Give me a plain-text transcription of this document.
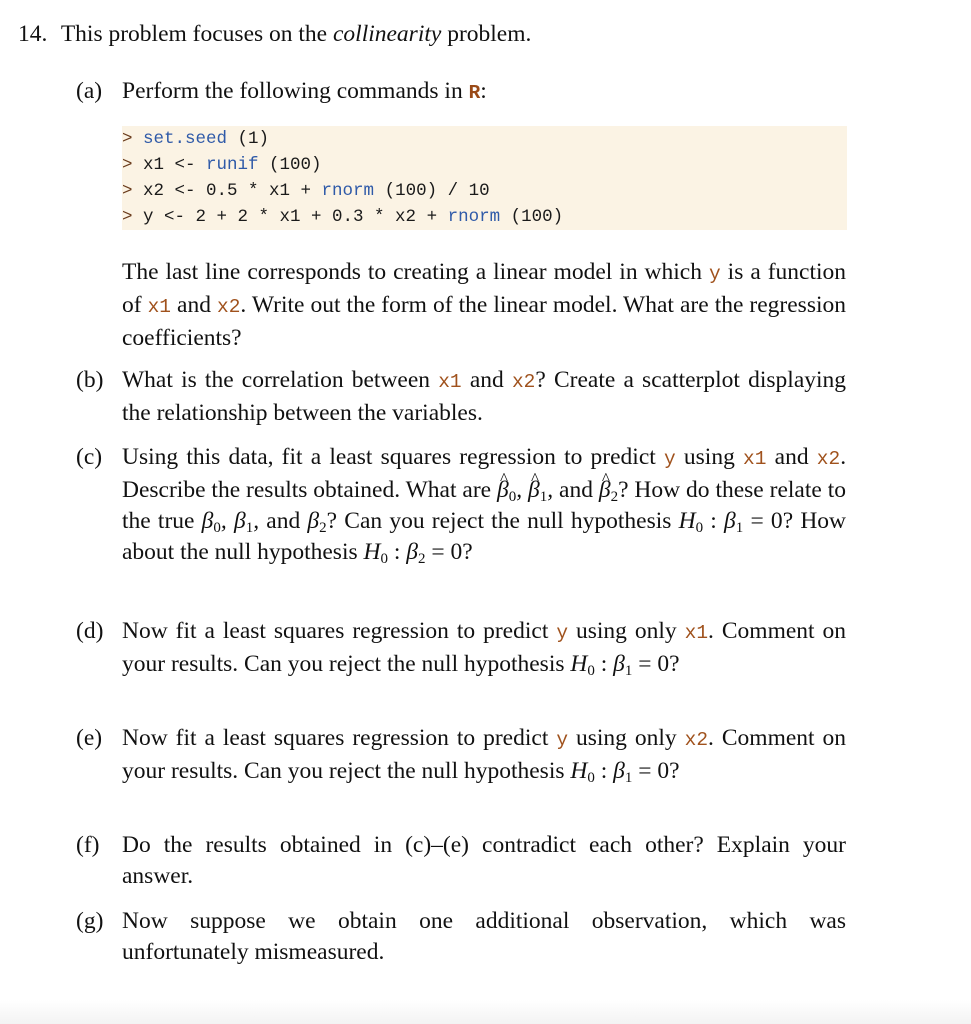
14. This problem focuses on the collinearity problem.
(a) Perform the following commands in R:
> set.seed (1)
> x1 <- runif (100)
> x2 <- 0.5 * x1 + rnorm (100) / 10
> y <- 2 + 2 * x1 + 0.3 * x2 + rnorm (100)
The last line corresponds to creating a linear model in which y is a function of x1 and x2. Write out the form of the linear model. What are the regression coefficients?
(b) What is the correlation between x1 and x2? Create a scatterplot displaying the relationship between the variables.
(c) Using this data, fit a least squares regression to predict y using x1 and x2. Describe the results obtained. What are ^ $\beta_0$, ^ $\beta_1$, and ^ $\beta_2$? How do these relate to the true $\beta_0$, $\beta_1$, and $\beta_2$? Can you reject the null hypothesis $H_0$ : $\beta_1 = 0$? How about the null hypothesis $H_0$ : $\beta_2 = 0$?
(d) Now fit a least squares regression to predict y using only x1. Comment on your results. Can you reject the null hypothesis $H_0$ : $\beta_1 = 0$?
(e) Now fit a least squares regression to predict y using only x2. Comment on your results. Can you reject the null hypothesis $H_0$ : $\beta_1 = 0$?
(f) Do the results obtained in (c)–(e) contradict each other? Explain your answer.
(g) Now suppose we obtain one additional observation, which was unfortunately mismeasured.
